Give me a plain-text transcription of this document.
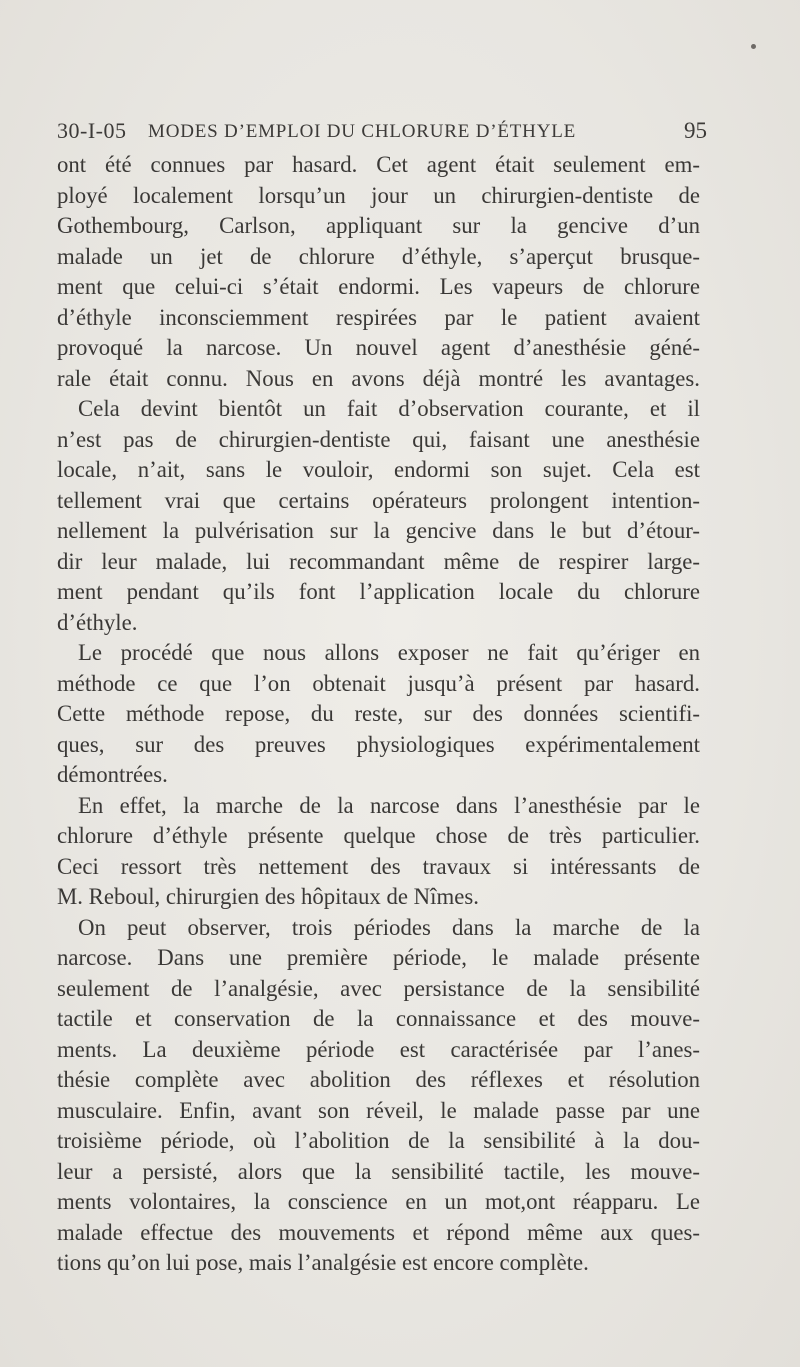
30-I-05 MODES D’EMPLOI DU CHLORURE D’ÉTHYLE	95
ont été connues par hasard. Cet agent était seulement em-
ployé localement lorsqu’un jour un chirurgien-dentiste de
Gothembourg, Carlson, appliquant sur la gencive d’un
malade un jet de chlorure d’éthyle, s’aperçut brusque-
ment que celui-ci s’était endormi. Les vapeurs de chlorure
d’éthyle inconsciemment respirées par le patient avaient
provoqué la narcose. Un nouvel agent d’anesthésie géné-
rale était connu. Nous en avons déjà montré les avantages.
Cela devint bientôt un fait d’observation courante, et il
n’est pas de chirurgien-dentiste qui, faisant une anesthésie
locale, n’ait, sans le vouloir, endormi son sujet. Cela est
tellement vrai que certains opérateurs prolongent intention-
nellement la pulvérisation sur la gencive dans le but d’étour-
dir leur malade, lui recommandant même de respirer large-
ment pendant qu’ils font l’application locale du chlorure
d’éthyle.
Le procédé que nous allons exposer ne fait qu’ériger en
méthode ce que l’on obtenait jusqu’à présent par hasard.
Cette méthode repose, du reste, sur des données scientifi-
ques, sur des preuves physiologiques expérimentalement
démontrées.
En effet, la marche de la narcose dans l’anesthésie par le
chlorure d’éthyle présente quelque chose de très particulier.
Ceci ressort très nettement des travaux si intéressants de
M. Reboul, chirurgien des hôpitaux de Nîmes.
On peut observer, trois périodes dans la marche de la
narcose. Dans une première période, le malade présente
seulement de l’analgésie, avec persistance de la sensibilité
tactile et conservation de la connaissance et des mouve-
ments. La deuxième période est caractérisée par l’anes-
thésie complète avec abolition des réflexes et résolution
musculaire. Enfin, avant son réveil, le malade passe par une
troisième période, où l’abolition de la sensibilité à la dou-
leur a persisté, alors que la sensibilité tactile, les mouve-
ments volontaires, la conscience en un mot,ont réapparu. Le
malade effectue des mouvements et répond même aux ques-
tions qu’on lui pose, mais l’analgésie est encore complète.
